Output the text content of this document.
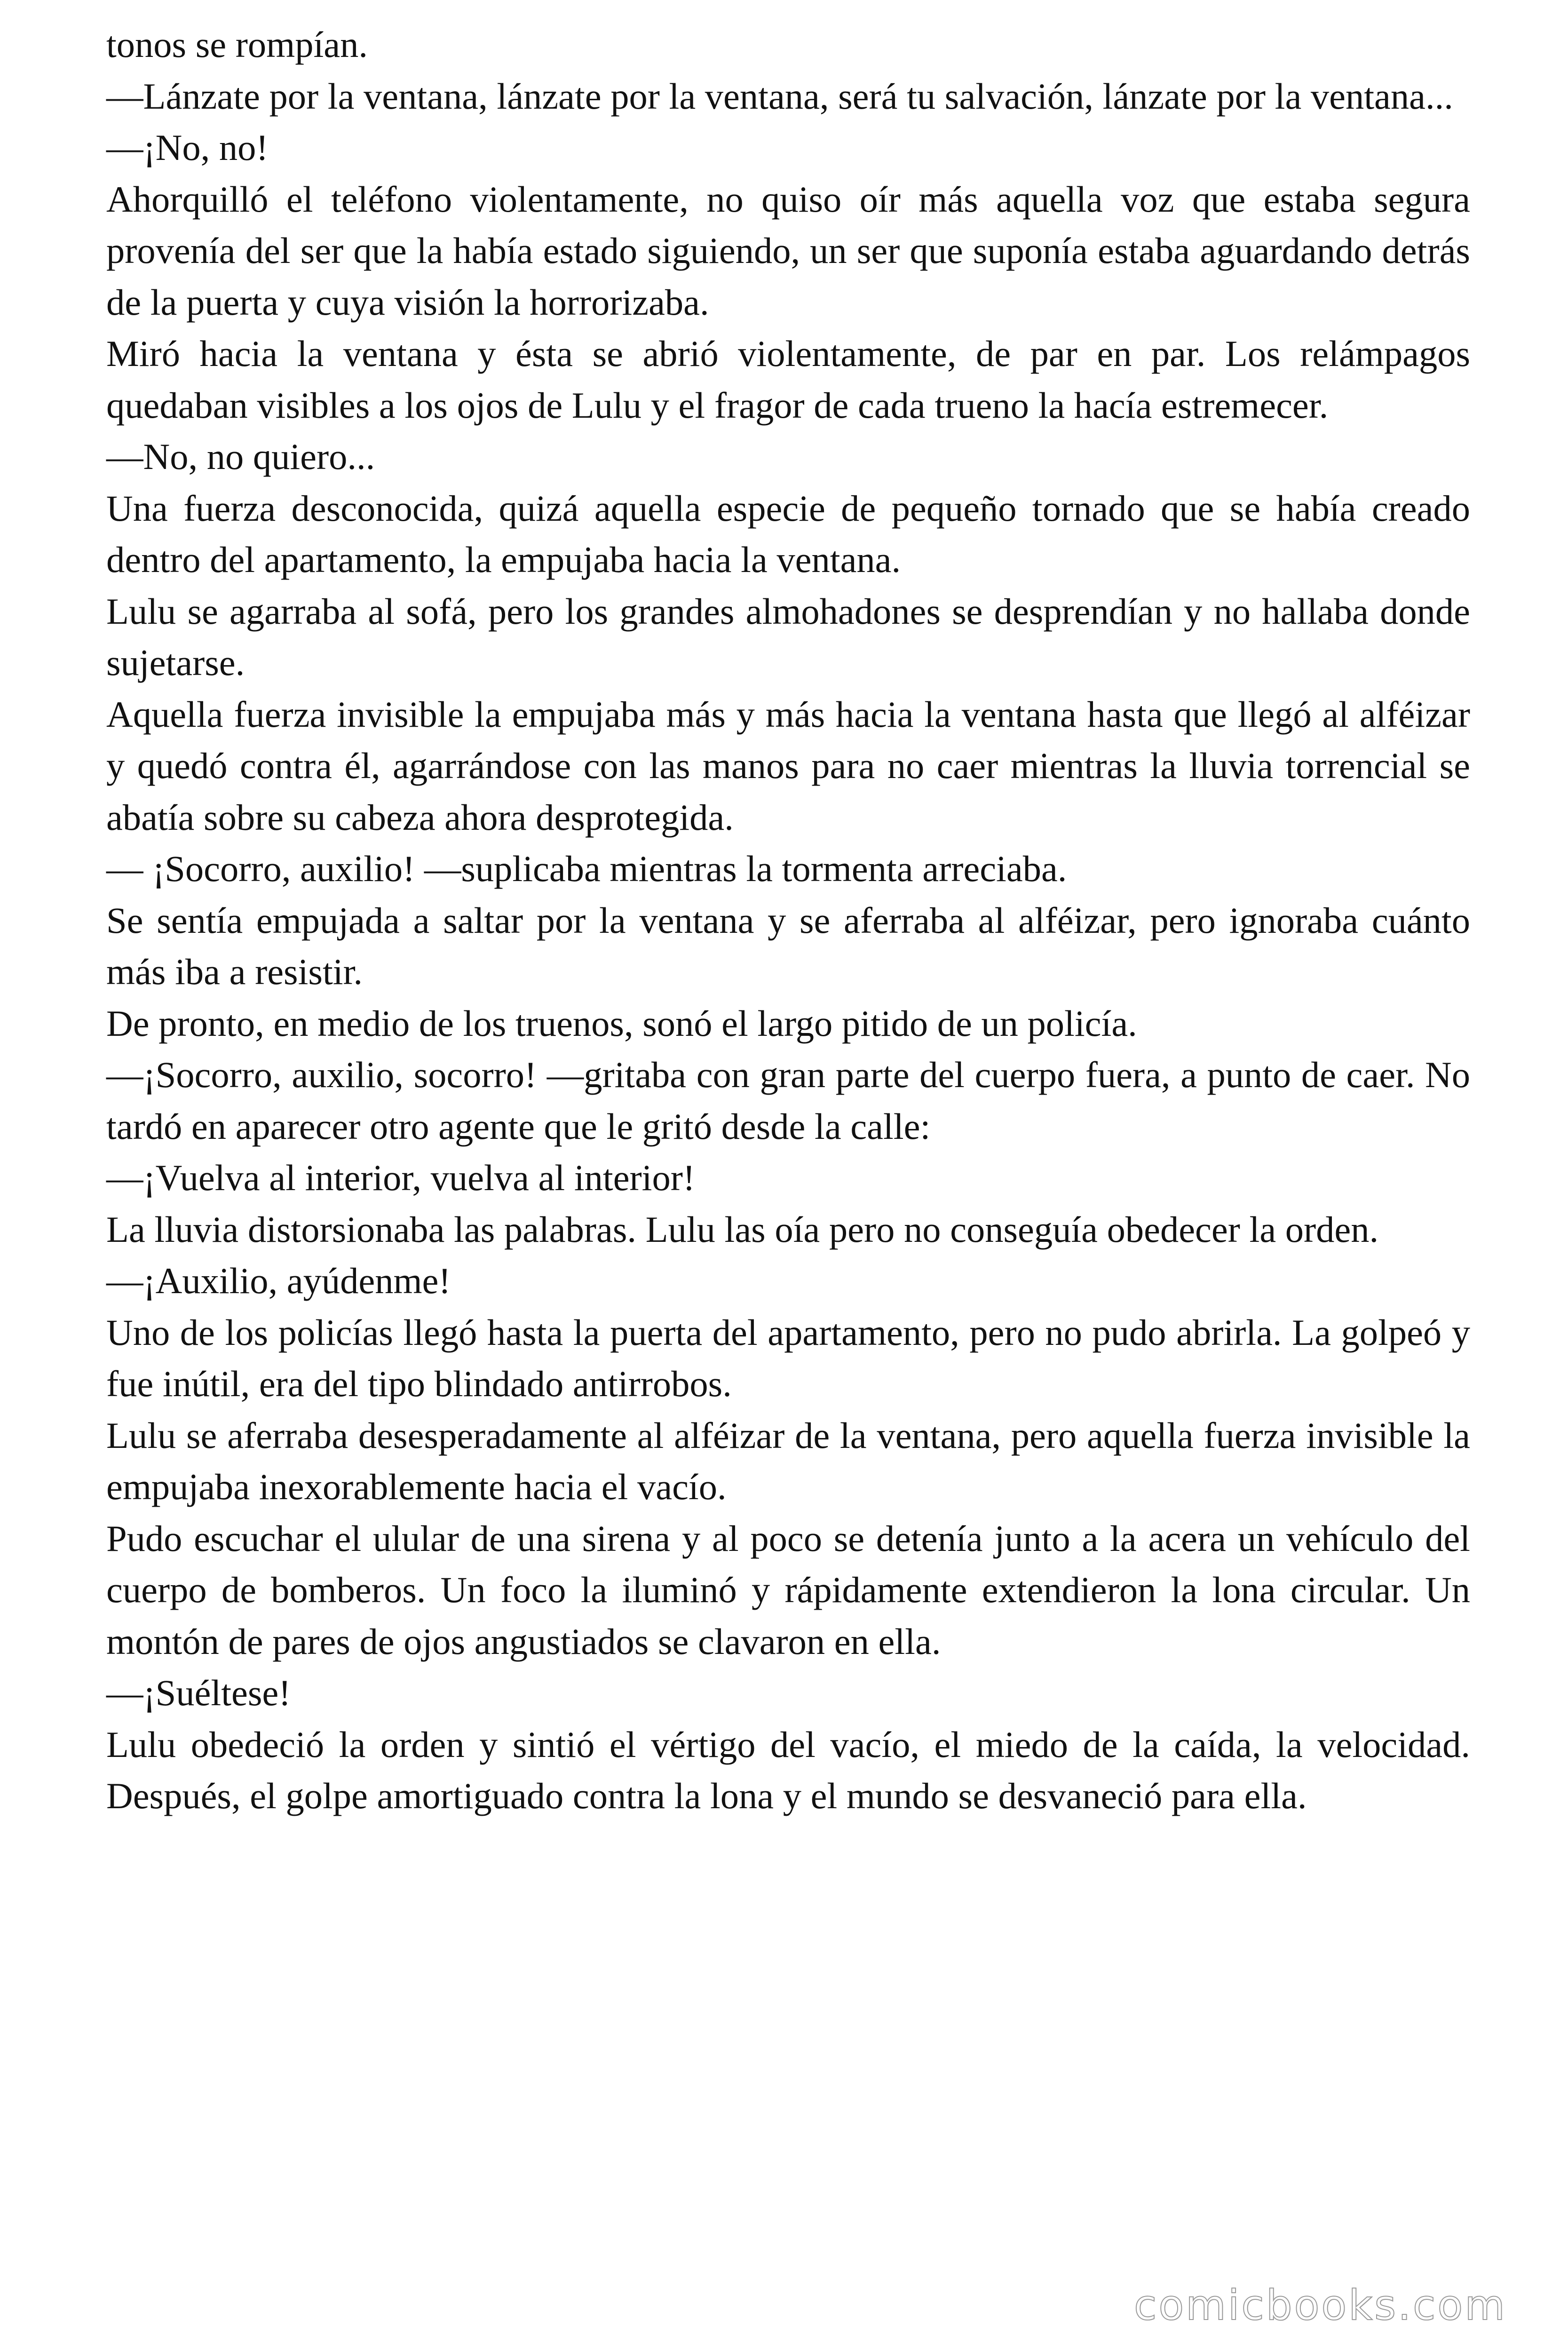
tonos se rompían.

—Lánzate por la ventana, lánzate por la ventana, será tu salvación, lánzate por la ventana...

—¡No, no!

Ahorquilló el teléfono violentamente, no quiso oír más aquella voz que estaba segura provenía del ser que la había estado siguiendo, un ser que suponía estaba aguardando detrás de la puerta y cuya visión la horrorizaba.

Miró hacia la ventana y ésta se abrió violentamente, de par en par. Los relámpagos quedaban visibles a los ojos de Lulu y el fragor de cada trueno la hacía estremecer.

—No, no quiero...

Una fuerza desconocida, quizá aquella especie de pequeño tornado que se había creado dentro del apartamento, la empujaba hacia la ventana.

Lulu se agarraba al sofá, pero los grandes almohadones se desprendían y no hallaba donde sujetarse.

Aquella fuerza invisible la empujaba más y más hacia la ventana hasta que llegó al alféizar y quedó contra él, agarrándose con las manos para no caer mientras la lluvia torrencial se abatía sobre su cabeza ahora desprotegida.

— ¡Socorro, auxilio! —suplicaba mientras la tormenta arreciaba.

Se sentía empujada a saltar por la ventana y se aferraba al alféizar, pero ignoraba cuánto más iba a resistir.

De pronto, en medio de los truenos, sonó el largo pitido de un policía.

—¡Socorro, auxilio, socorro! —gritaba con gran parte del cuerpo fuera, a punto de caer. No tardó en aparecer otro agente que le gritó desde la calle:

—¡Vuelva al interior, vuelva al interior!

La lluvia distorsionaba las palabras. Lulu las oía pero no conseguía obedecer la orden.

—¡Auxilio, ayúdenme!

Uno de los policías llegó hasta la puerta del apartamento, pero no pudo abrirla. La golpeó y fue inútil, era del tipo blindado antirrobos.

Lulu se aferraba desesperadamente al alféizar de la ventana, pero aquella fuerza invisible la empujaba inexorablemente hacia el vacío.

Pudo escuchar el ulular de una sirena y al poco se detenía junto a la acera un vehículo del cuerpo de bomberos. Un foco la iluminó y rápidamente extendieron la lona circular. Un montón de pares de ojos angustiados se clavaron en ella.

—¡Suéltese!

Lulu obedeció la orden y sintió el vértigo del vacío, el miedo de la caída, la velocidad. Después, el golpe amortiguado contra la lona y el mundo se desvaneció para ella.

comicbooks.com
